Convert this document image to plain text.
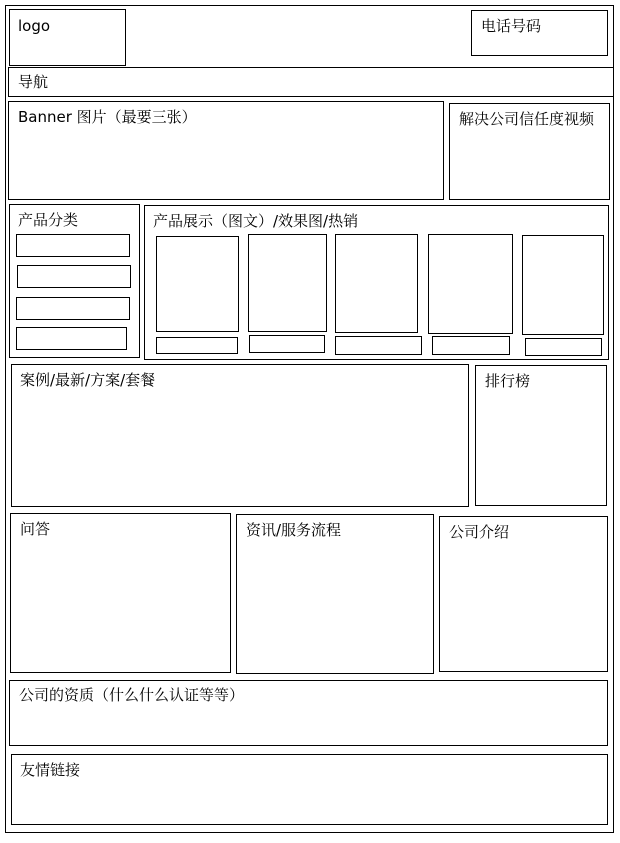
logo	电话号码
导航
Banner 图片（最要三张）	解决公司信任度视频
产品分类	产品展示（图文）/效果图/热销
案例/最新/方案/套餐	排行榜
问答	资讯/服务流程	公司介绍
公司的资质（什么什么认证等等）
友情链接
